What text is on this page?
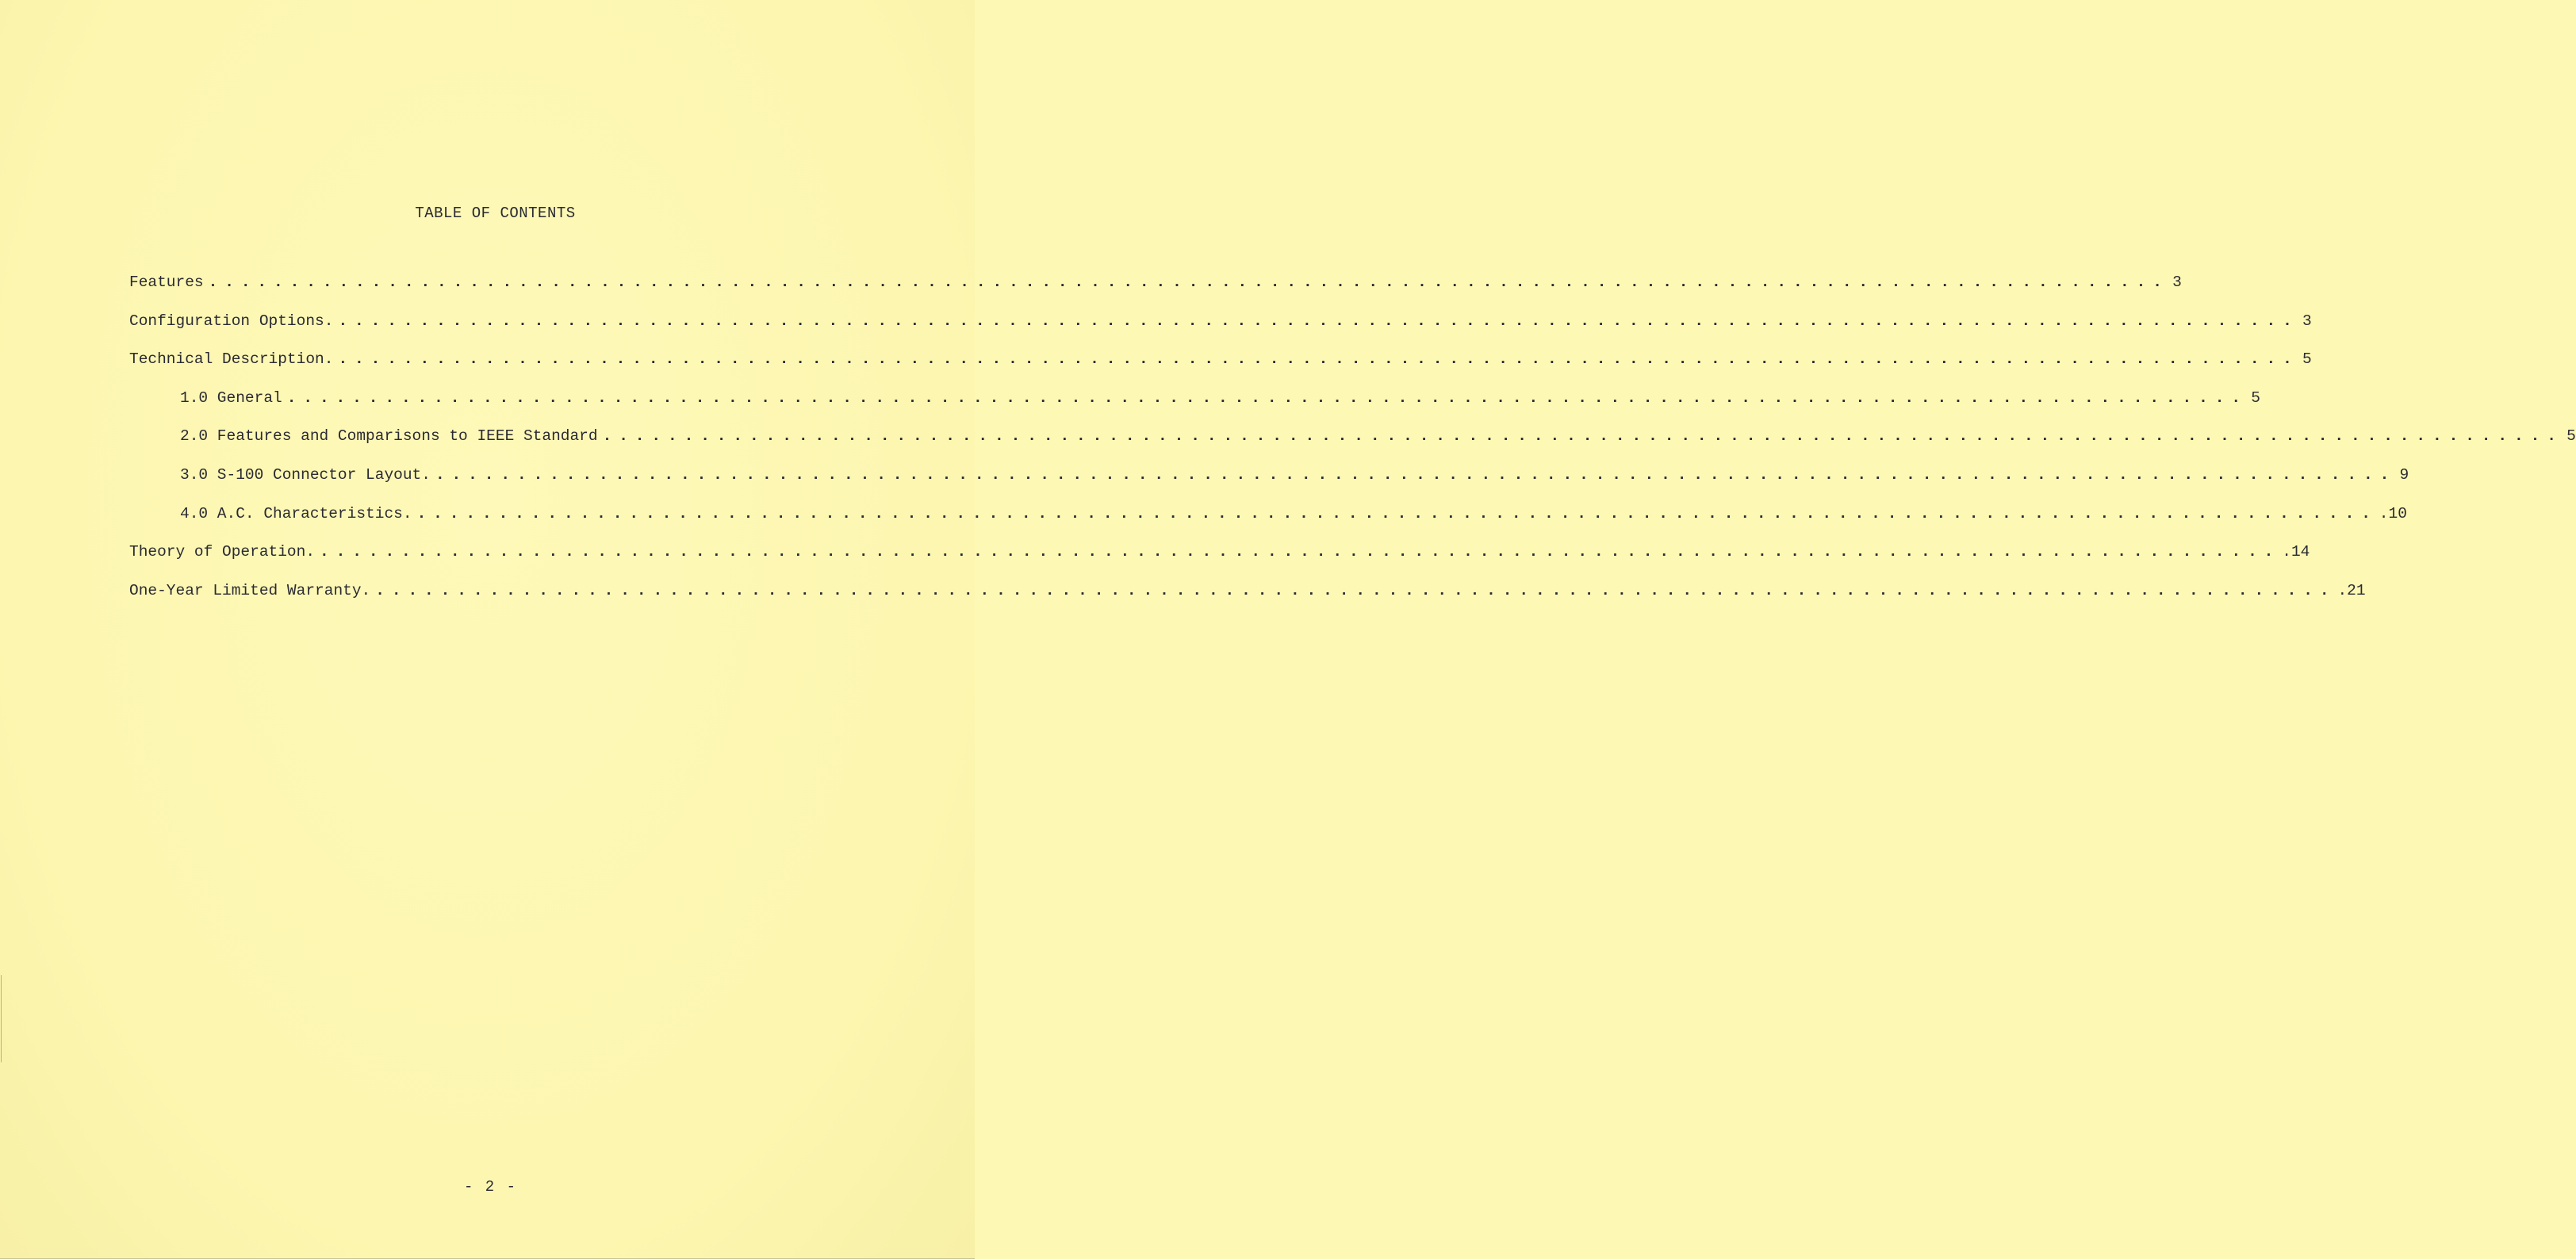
TABLE OF CONTENTS
Features ........................................................................................................................ 3
Configuration Options. ........................................................................................................................ 3
Technical Description. ........................................................................................................................ 5
1.0 General ........................................................................................................................ 5
2.0 Features and Comparisons to IEEE Standard ........................................................................................................................ 5
3.0 S-100 Connector Layout. ........................................................................................................................ 9
4.0 A.C. Characteristics. ........................................................................................................................ .10
Theory of Operation. ........................................................................................................................ .14
One-Year Limited Warranty. ........................................................................................................................ .21
- 2 -
